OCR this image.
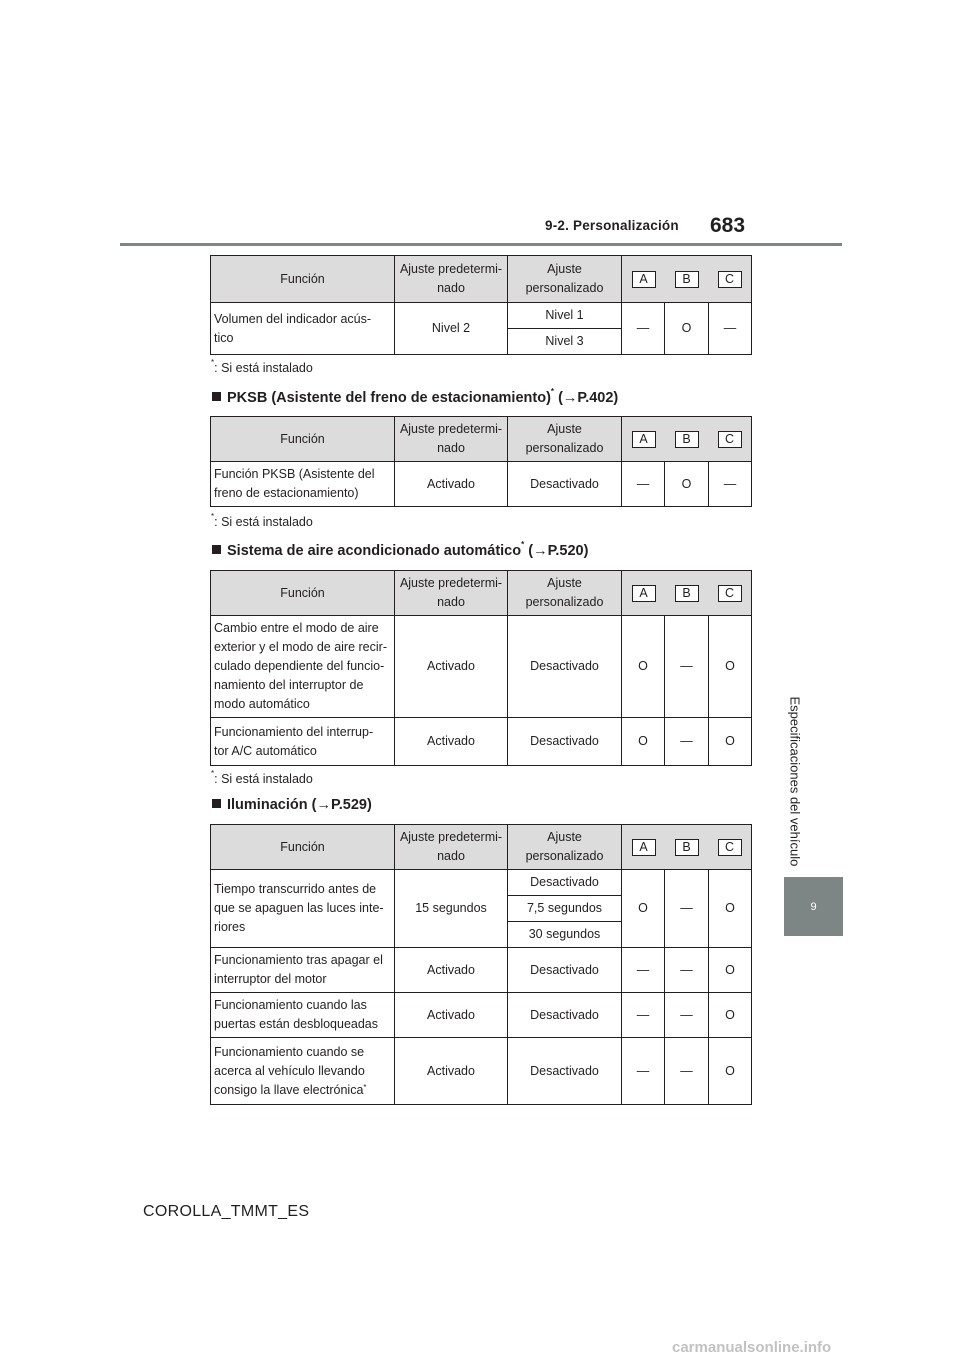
9-2. Personalización 683
Especificaciones del vehículo
9
Función	Ajuste predetermi-
nado	Ajuste personalizado	A B C		

Volumen del indicador acús-
tico	Nivel 2	Nivel 1	—	O	—
		Nivel 3			
*: Si está instalado
PKSB (Asistente del freno de estacionamiento)* (→P.402)
Función	Ajuste predetermi-
nado	Ajuste personalizado	A B C		

Función PKSB (Asistente del
freno de estacionamiento)	Activado	Desactivado	—	O	—
*: Si está instalado
Sistema de aire acondicionado automático* (→P.520)
Función	Ajuste predetermi-
nado	Ajuste personalizado	A B C		

Cambio entre el modo de aire
exterior y el modo de aire recir-
culado dependiente del funcio-
namiento del interruptor de
modo automático	Activado	Desactivado	O	—	O
Funcionamiento del interrup-
tor A/C automático	Activado	Desactivado	O	—	O
*: Si está instalado
Iluminación (→P.529)
Función	Ajuste predetermi-
nado	Ajuste personalizado	A B C		

Tiempo transcurrido antes de
que se apaguen las luces inte-
riores	15 segundos	Desactivado	O	—	O
		7,5 segundos			
		30 segundos			
Funcionamiento tras apagar el
interruptor del motor	Activado	Desactivado	—	—	O
Funcionamiento cuando las
puertas están desbloqueadas	Activado	Desactivado	—	—	O
Funcionamiento cuando se
acerca al vehículo llevando
consigo la llave electrónica*	Activado	Desactivado	—	—	O
COROLLA_TMMT_ES
carmanualsonline.info
